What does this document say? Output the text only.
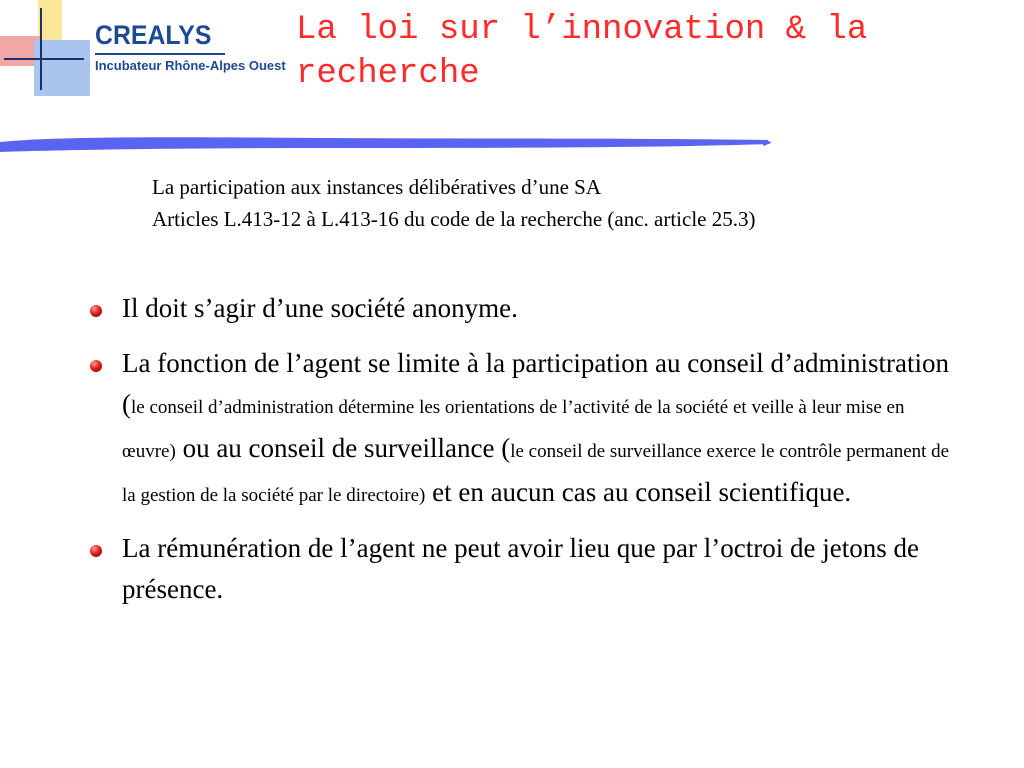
CREALYS
Incubateur Rhône-Alpes Ouest
La loi sur l’innovation & la recherche

La participation aux instances délibératives d’une SA

Articles L.413-12 à L.413-16 du code de la recherche (anc. article 25.3)

Il doit s’agir d’une société anonyme.
La fonction de l’agent se limite à la participation au conseil d’administration (le conseil d’administration détermine les orientations de l’activité de la société et veille à leur mise en œuvre) ou au conseil de surveillance (le conseil de surveillance exerce le contrôle permanent de la gestion de la société par le directoire) et en aucun cas au conseil scientifique.
La rémunération de l’agent ne peut avoir lieu que par l’octroi de jetons de présence.
